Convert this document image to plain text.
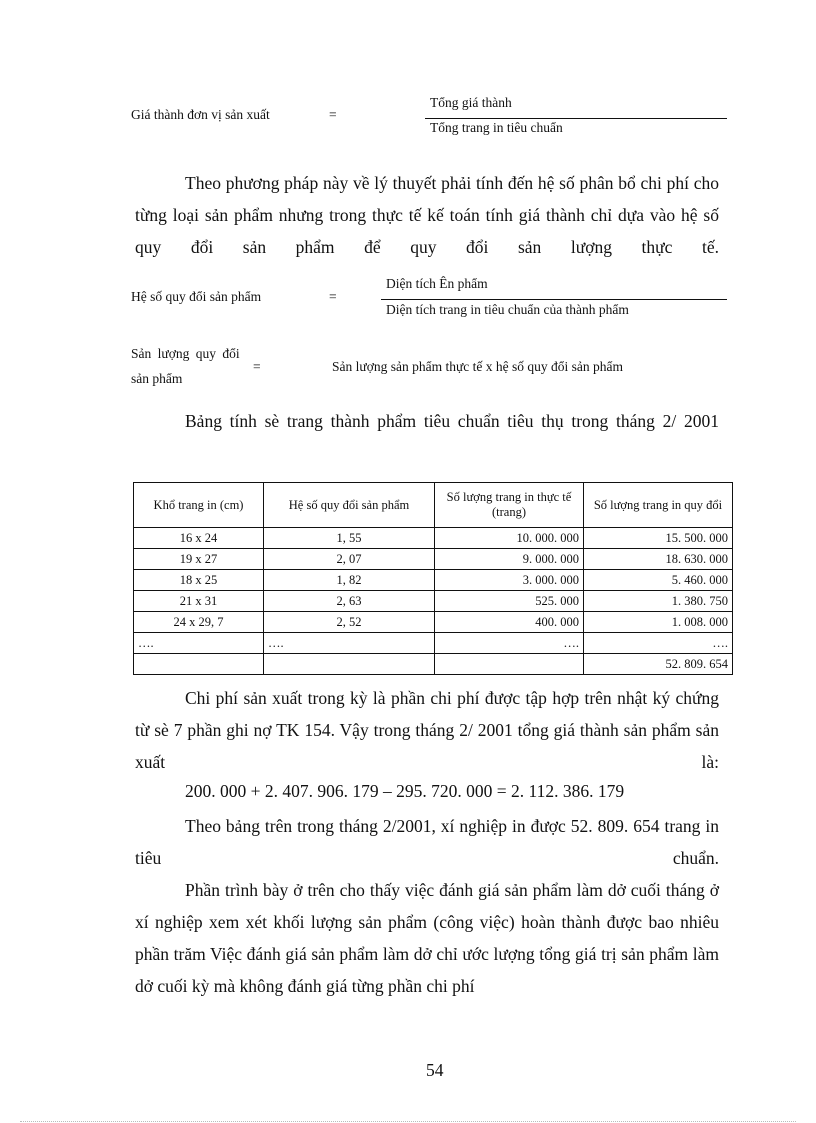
Giá thành đơn vị sản xuất	=
Tổng giá thành
Tổng trang in tiêu chuẩn
Theo phương pháp này về lý thuyết phải tính đến hệ số phân bổ chi phí cho từng loại sản phẩm nhưng trong thực tế kế toán tính giá thành chỉ dựa vào hệ số quy đổi sản phẩm để quy đổi sản lượng thực tế.
Hệ số quy đổi sản phẩm	=
Diện tích Ên phẩm
Diện tích trang in tiêu chuẩn của thành phẩm
Sản lượng quy đổi
sản phẩm
=	Sản lượng sản phẩm thực tế x hệ số quy đổi sản phẩm
Bảng tính sè trang thành phẩm tiêu chuẩn tiêu thụ trong tháng 2/ 2001
Khổ trang in (cm)	Hệ số quy đổi sản phẩm	Số lượng trang in thực tế (trang)	Số lượng trang in quy đổi
16 x 24	1, 55	10. 000. 000	15. 500. 000
19 x 27	2, 07	9. 000. 000	18. 630. 000
18 x 25	1, 82	3. 000. 000	5. 460. 000
21 x 31	2, 63	525. 000	1. 380. 750
24 x 29, 7	2, 52	400. 000	1. 008. 000
….	….	….	….
			52. 809. 654
Chi phí sản xuất trong kỳ là phần chi phí được tập hợp trên nhật ký chứng từ sè 7 phần ghi nợ TK 154. Vậy trong tháng 2/ 2001 tổng giá thành sản phẩm sản xuất là:
200. 000 + 2. 407. 906. 179 – 295. 720. 000 = 2. 112. 386. 179
Theo bảng trên trong tháng 2/2001, xí nghiệp in được 52. 809. 654 trang in tiêu chuẩn.
Phần trình bày ở trên cho thấy việc đánh giá sản phẩm làm dở cuối tháng ở xí nghiệp xem xét khối lượng sản phẩm (công việc) hoàn thành được bao nhiêu phần trăm Việc đánh giá sản phẩm làm dở chỉ ước lượng tổng giá trị sản phẩm làm dở cuối kỳ mà không đánh giá từng phần chi phí
54
